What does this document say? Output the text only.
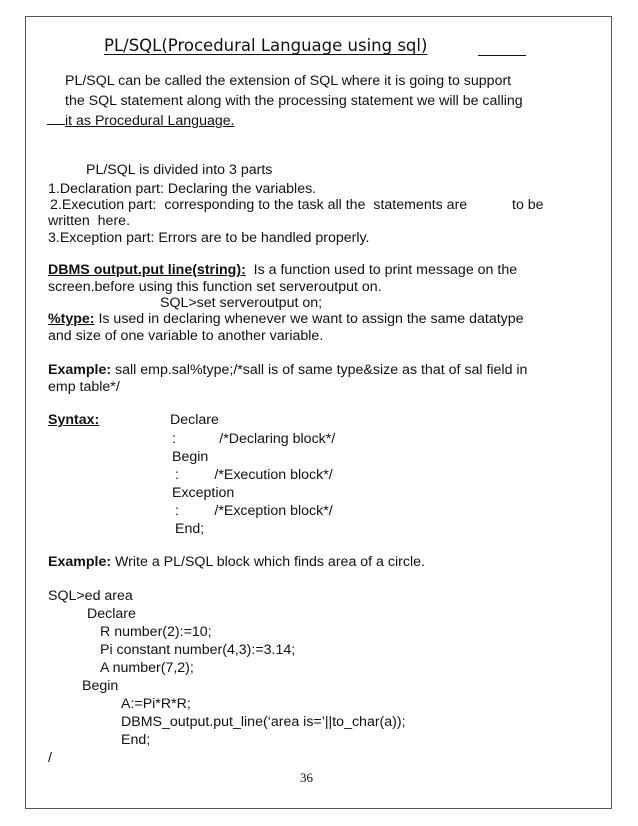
PL/SQL(Procedural Language using sql)
PL/SQL can be called the extension of SQL where it is going to support
the SQL statement along with the processing statement we will be calling
it as Procedural Language.
PL/SQL is divided into 3 parts
1.Declaration part: Declaring the variables.
2.Execution part:  corresponding to the task all the  statements are	to be
written  here.
3.Exception part: Errors are to be handled properly.
DBMS output.put line(string):  Is a function used to print message on the
screen.before using this function set serveroutput on.
SQL>set serveroutput on;
%type: Is used in declaring whenever we want to assign the same datatype
and size of one variable to another variable.
Example: sall emp.sal%type;/*sall is of same type&size as that of sal field in
emp table*/
Syntax:	Declare
:           /*Declaring block*/
Begin
:         /*Execution block*/
Exception
:         /*Exception block*/
End;
Example: Write a PL/SQL block which finds area of a circle.
SQL>ed area
Declare
R number(2):=10;
Pi constant number(4,3):=3.14;
A number(7,2);
Begin
A:=Pi*R*R;
DBMS_output.put_line(‘area is=’||to_char(a));
End;
/
36
